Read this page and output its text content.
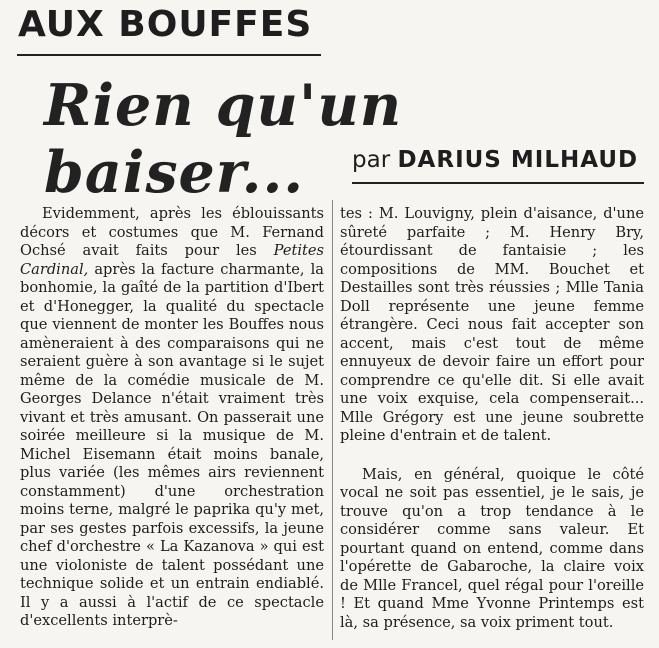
AUX BOUFFES
Rien qu'un baiser...	par DARIUS MILHAUD

Evidemment, après les éblouissants décors et costumes que M. Fernand Ochsé avait faits pour les Petites Cardinal, après la facture charmante, la bonhomie, la gaîté de la partition d'Ibert et d'Honegger, la qualité du spectacle que viennent de monter les Bouffes nous amèneraient à des comparaisons qui ne seraient guère à son avantage si le sujet même de la comédie musicale de M. Georges Delance n'était vraiment très vivant et très amusant. On passerait une soirée meilleure si la musique de M. Michel Eisemann était moins banale, plus variée (les mêmes airs reviennent constamment) d'une orchestration moins terne, malgré le paprika qu'y met, par ses gestes parfois excessifs, la jeune chef d'orchestre « La Kazanova » qui est une violoniste de talent possédant une technique solide et un entrain endiablé. Il y a aussi à l'actif de ce spectacle d'excellents interprè-

tes : M. Louvigny, plein d'aisance, d'une sûreté parfaite ; M. Henry Bry, étourdissant de fantaisie ; les compositions de MM. Bouchet et Destailles sont très réussies ; Mlle Tania Doll représente une jeune femme étrangère. Ceci nous fait accepter son accent, mais c'est tout de même ennuyeux de devoir faire un effort pour comprendre ce qu'elle dit. Si elle avait une voix exquise, cela compenserait... Mlle Grégory est une jeune soubrette pleine d'entrain et de talent.

Mais, en général, quoique le côté vocal ne soit pas essentiel, je le sais, je trouve qu'on a trop tendance à le considérer comme sans valeur. Et pourtant quand on entend, comme dans l'opérette de Gabaroche, la claire voix de Mlle Francel, quel régal pour l'oreille ! Et quand Mme Yvonne Printemps est là, sa présence, sa voix priment tout.
